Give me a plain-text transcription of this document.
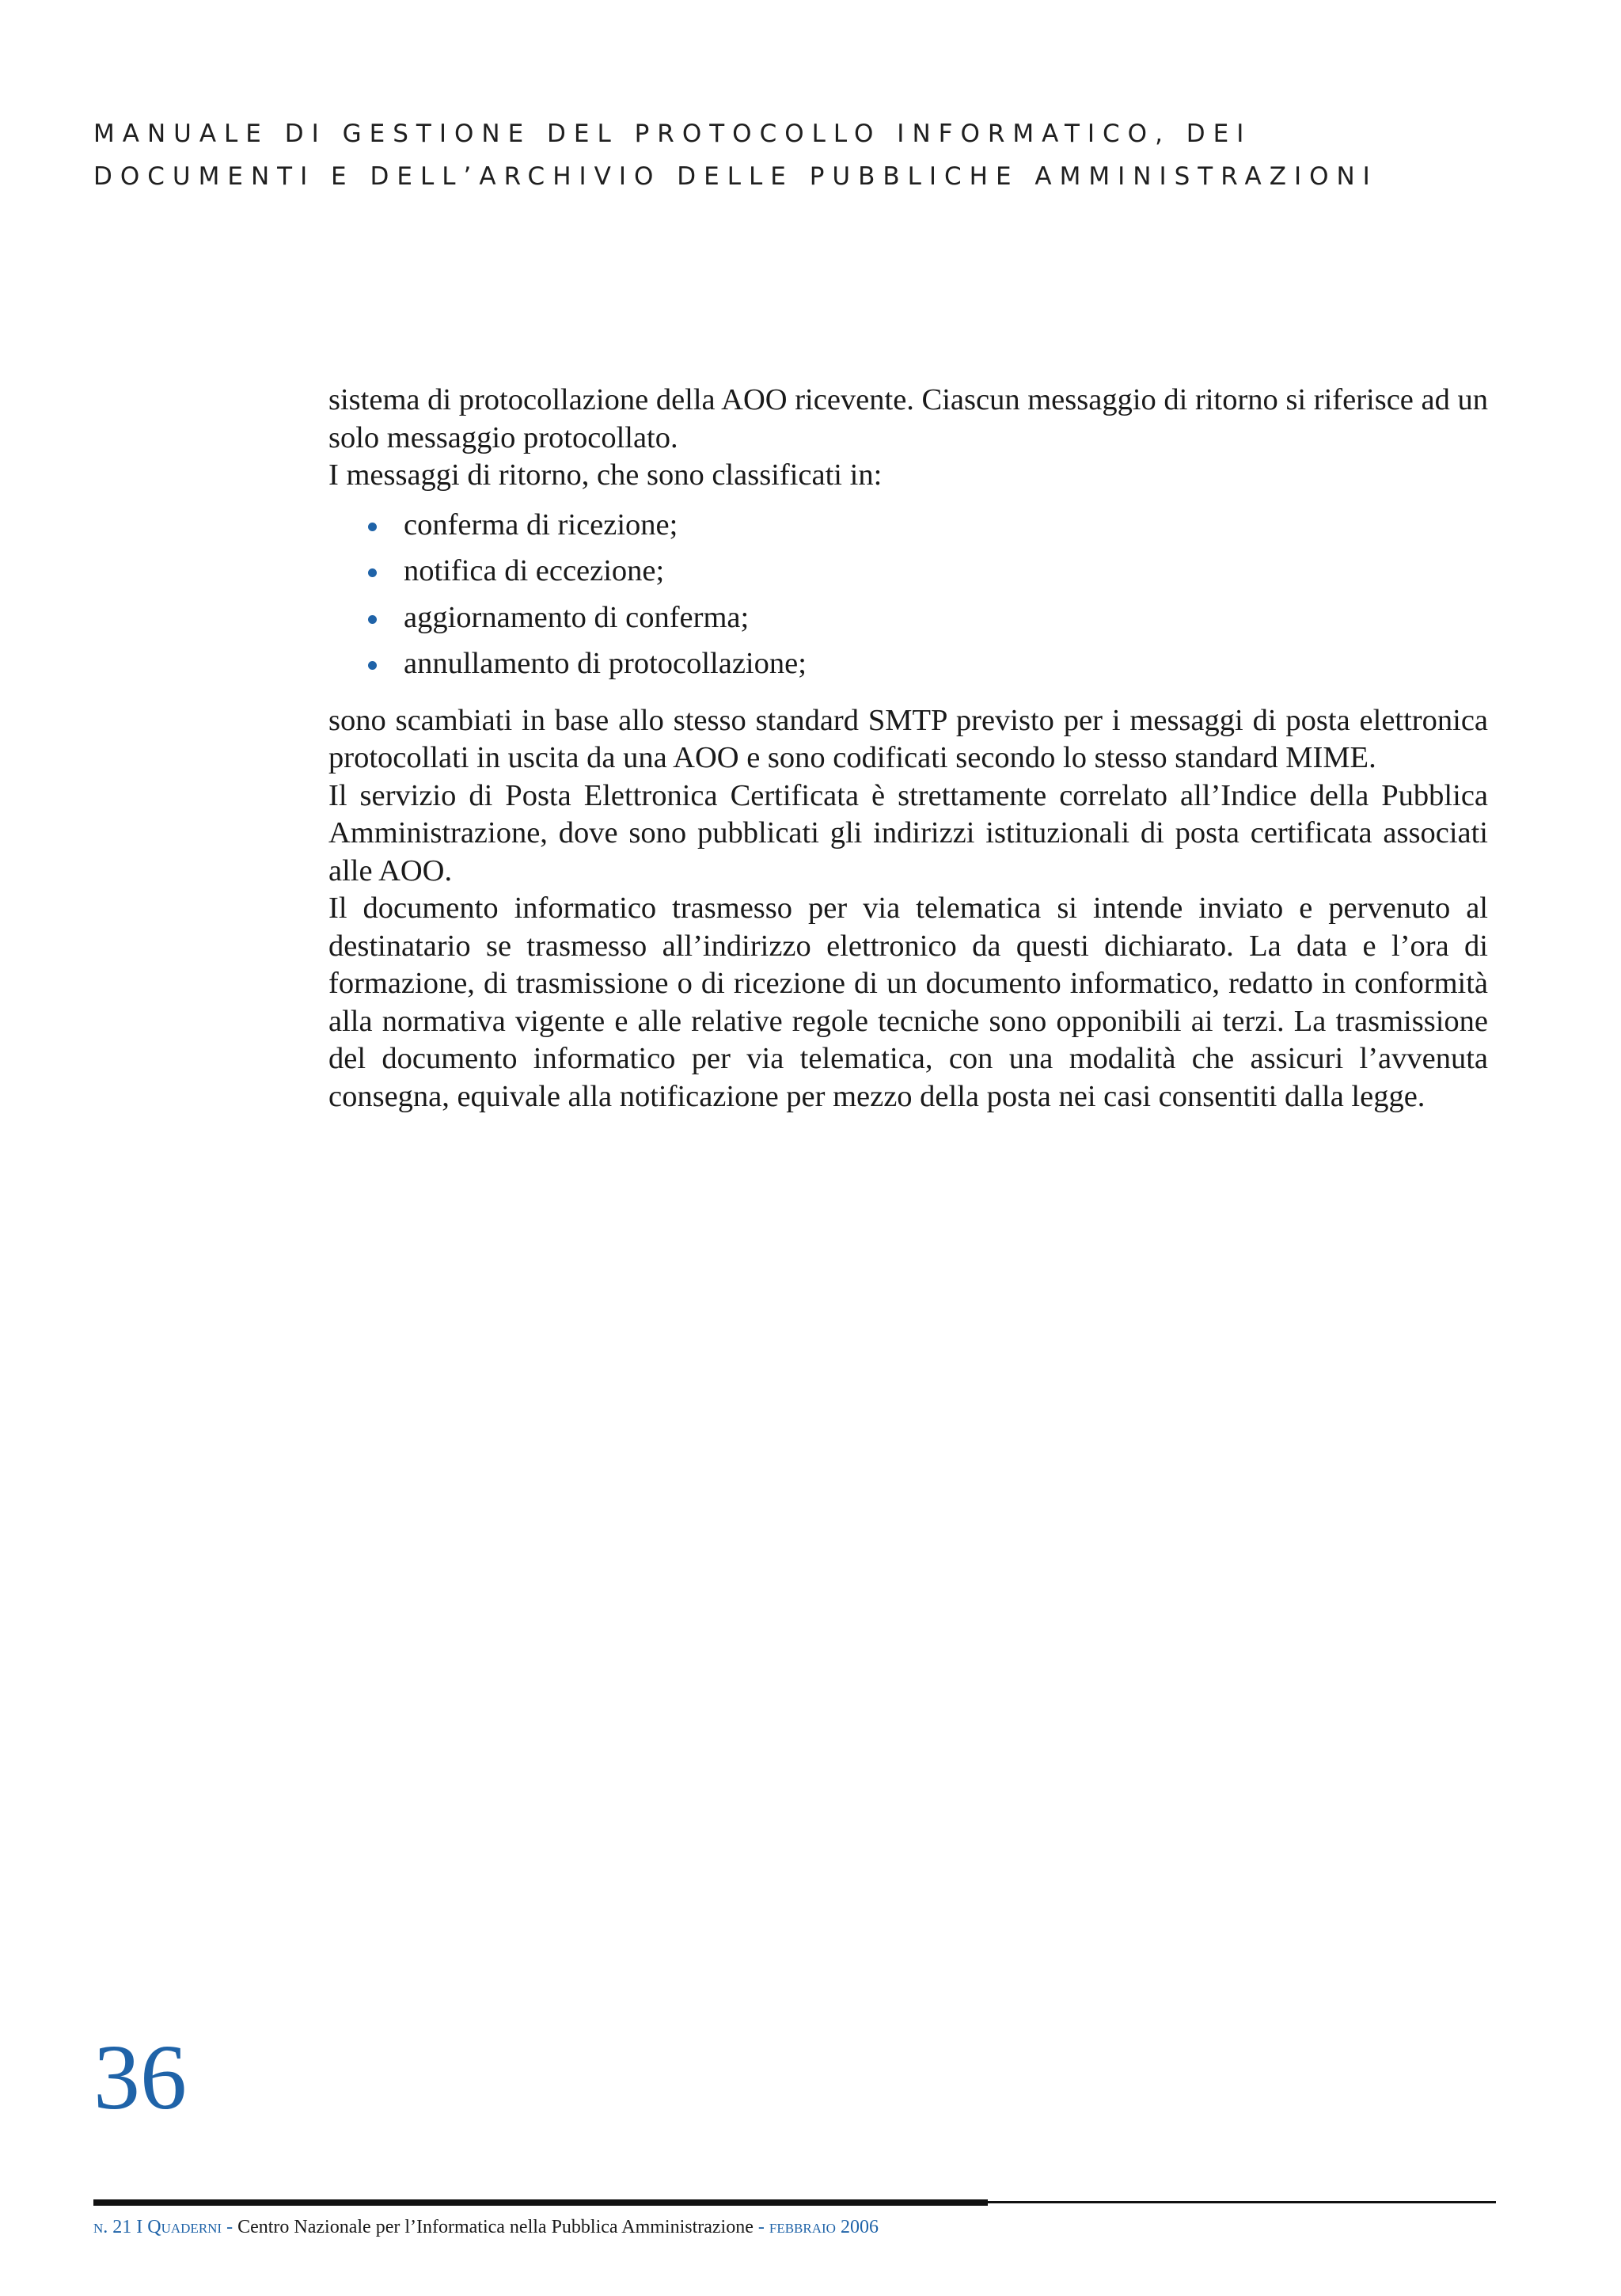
MANUALE DI GESTIONE DEL PROTOCOLLO INFORMATICO, DEI
DOCUMENTI E DELL’ARCHIVIO DELLE PUBBLICHE AMMINISTRAZIONI

sistema di protocollazione della AOO ricevente. Ciascun messaggio di ritorno si riferisce ad un solo messaggio protocollato.

I messaggi di ritorno, che sono classificati in:

conferma di ricezione;
notifica di eccezione;
aggiornamento di conferma;
annullamento di protocollazione;

sono scambiati in base allo stesso standard SMTP previsto per i messaggi di posta elettronica protocollati in uscita da una AOO e sono codificati secondo lo stesso standard MIME.

Il servizio di Posta Elettronica Certificata è strettamente correlato all’Indice della Pubblica Amministrazione, dove sono pubblicati gli indirizzi istituzionali di posta certificata associati alle AOO.

Il documento informatico trasmesso per via telematica si intende inviato e pervenuto al destinatario se trasmesso all’indirizzo elettronico da questi dichiarato. La data e l’ora di formazione, di trasmissione o di ricezione di un documento informatico, redatto in conformità alla normativa vigente e alle relative regole tecniche sono opponibili ai terzi. La trasmissione del documento informatico per via telematica, con una modalità che assicuri l’avvenuta consegna, equivale alla notificazione per mezzo della posta nei casi consentiti dalla legge.

36
n. 21 I Quaderni - Centro Nazionale per l’Informatica nella Pubblica Amministrazione - febbraio 2006
